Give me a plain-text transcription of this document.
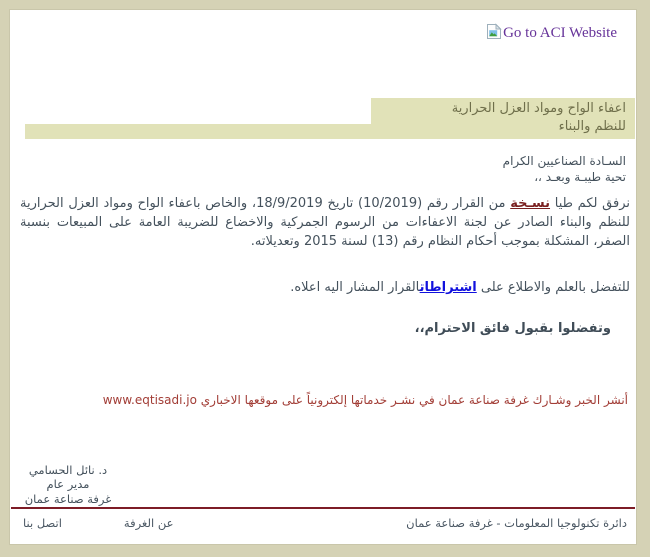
Go to ACI Website
اعفاء الواح ومواد العزل الحرارية
للنظم والبناء
السـادة الصناعيين الكرام
تحية طيبـة وبعـد ،،
نرفق لكم طيا نسـخة من القرار رقم (10/2019) تاريخ 18/9/2019، والخاص باعفاء الواح ومواد العزل الحرارية للنظم والبناء الصادر عن لجنة الاعفاءات من الرسوم الجمركية والاخضاع للضريبة العامة على المبيعات بنسبة الصفر، المشكلة بموجب أحكام النظام رقم (13) لسنة 2015 وتعديلاته.
للتفضل بالعلم والاطلاع على اشتراطاتالقرار المشار اليه اعلاه.
وتفضلوا بقبول فائق الاحترام،،
أنشر الخبر وشـارك غرفة صناعة عمان في نشـر خدماتها إلكترونياً على موقعها الاخباري www.eqtisadi.jo
د. نائل الحسامي
مدير عام
غرفة صناعة عمان
اتصل بنا	عن الغرفة	دائرة تكنولوجيا المعلومات - غرفة صناعة عمان
